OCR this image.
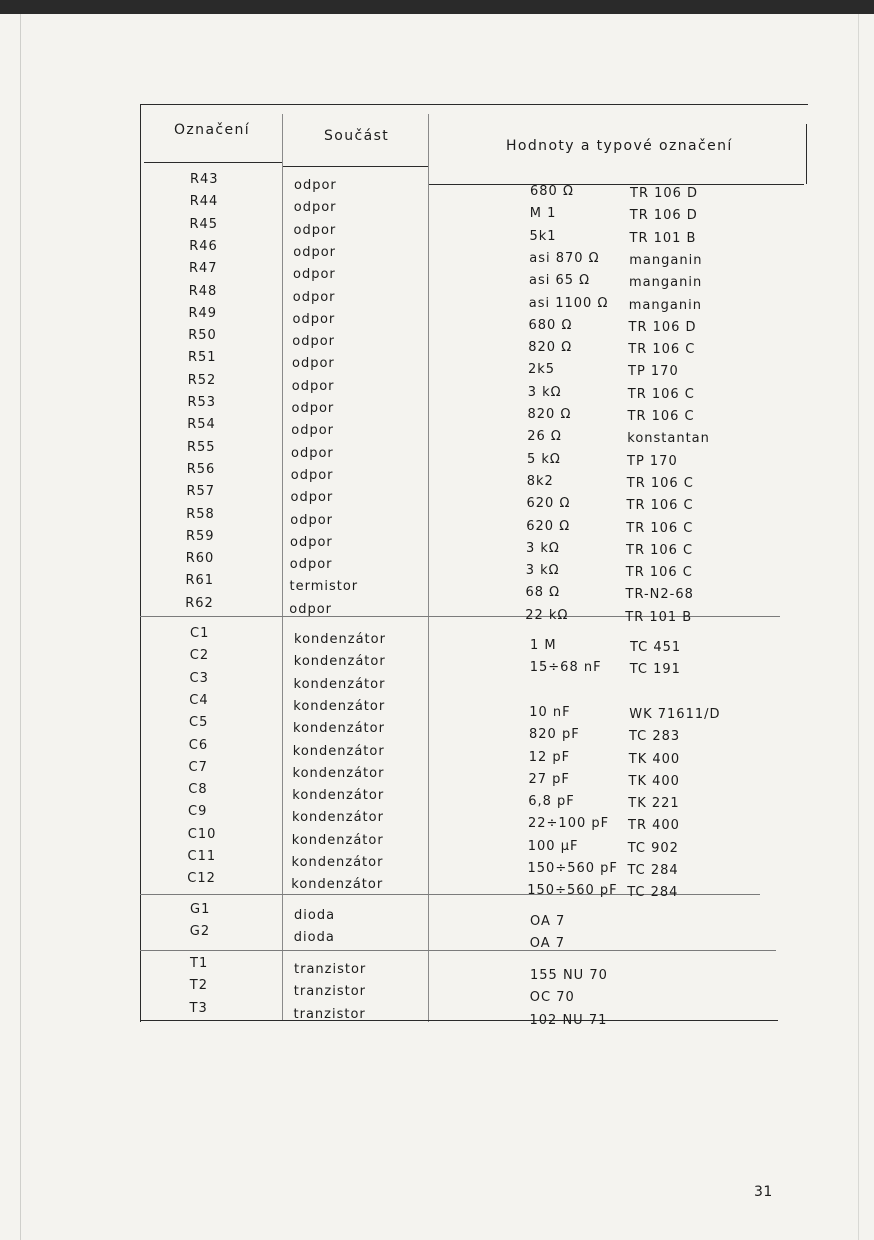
Označení	Součást
Hodnoty a typové označení
R43	odpor	680 Ω	TR 106 D
R44	odpor	M 1	TR 106 D
R45	odpor	5k1	TR 101 B
R46	odpor	asi 870 Ω manganin
R47	odpor	asi 65 Ω	manganin
R48	odpor	asi 1100 Ω manganin
R49	odpor	680 Ω	TR 106 D
R50	odpor	820 Ω	TR 106 C
R51	odpor	2k5	TP 170
R52	odpor	3 kΩ	TR 106 C
R53	odpor	820 Ω	TR 106 C
R54	odpor	26 Ω	konstantan
R55	odpor	5 kΩ	TP 170
R56	odpor	8k2	TR 106 C
R57	odpor	620 Ω	TR 106 C
R58	odpor	620 Ω	TR 106 C
R59	odpor	3 kΩ	TR 106 C
R60	odpor	3 kΩ	TR 106 C
R61	termistor	68 Ω	TR-N2-68
R62	odpor	22 kΩ	TR 101 B
C1	kondenzátor	1 M	TC 451
C2	kondenzátor	15÷68 nF TC 191
C3	kondenzátor
C4	kondenzátor	10 nF	WK 71611/D
C5	kondenzátor	820 pF	TC 283
C6	kondenzátor	12 pF	TK 400
C7	kondenzátor	27 pF	TK 400
C8	kondenzátor	6,8 pF	TK 221
C9	kondenzátor	22÷100 pF TR 400
C10	kondenzátor	100 μF	TC 902
C11	kondenzátor	150÷560 pF TC 284
C12	kondenzátor	150÷560 pF TC 284
G1	dioda	OA 7
G2	dioda	OA 7
T1	tranzistor	155 NU 70
T2	tranzistor	OC 70
T3	tranzistor	102 NU 71
31
